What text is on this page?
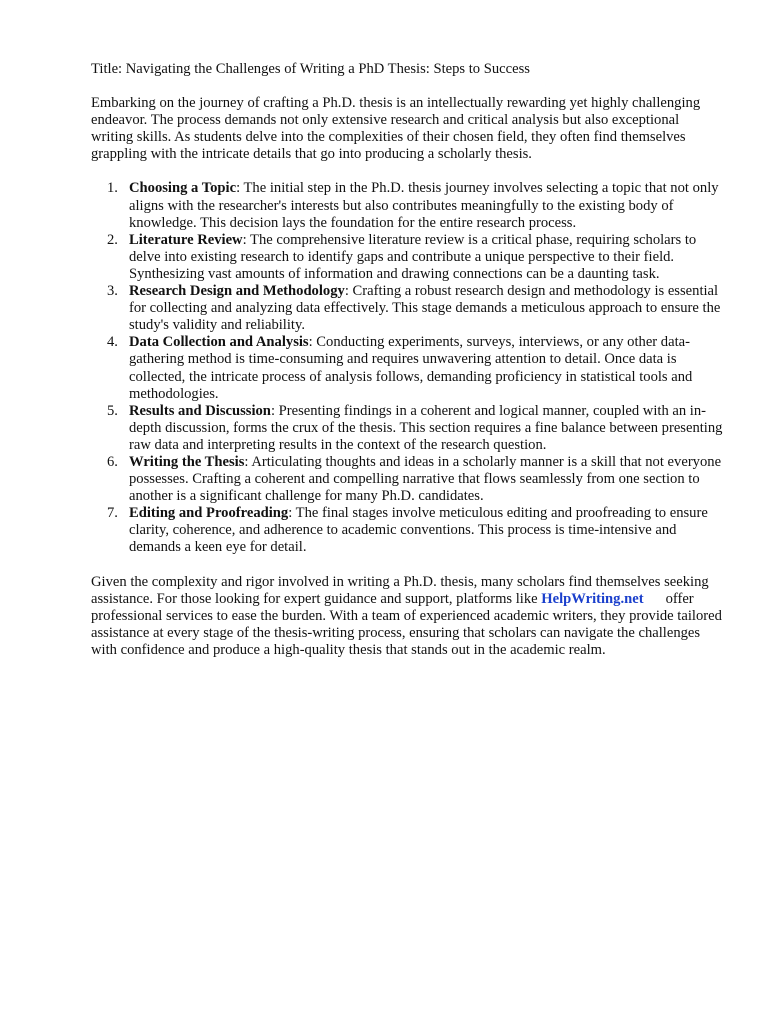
Title: Navigating the Challenges of Writing a PhD Thesis: Steps to Success

Embarking on the journey of crafting a Ph.D. thesis is an intellectually rewarding yet highly challenging endeavor. The process demands not only extensive research and critical analysis but also exceptional writing skills. As students delve into the complexities of their chosen field, they often find themselves grappling with the intricate details that go into producing a scholarly thesis.

1. Choosing a Topic: The initial step in the Ph.D. thesis journey involves selecting a topic that not only aligns with the researcher's interests but also contributes meaningfully to the existing body of knowledge. This decision lays the foundation for the entire research process.
2. Literature Review: The comprehensive literature review is a critical phase, requiring scholars to delve into existing research to identify gaps and contribute a unique perspective to their field. Synthesizing vast amounts of information and drawing connections can be a daunting task.
3. Research Design and Methodology: Crafting a robust research design and methodology is essential for collecting and analyzing data effectively. This stage demands a meticulous approach to ensure the study's validity and reliability.
4. Data Collection and Analysis: Conducting experiments, surveys, interviews, or any other data-gathering method is time-consuming and requires unwavering attention to detail. Once data is collected, the intricate process of analysis follows, demanding proficiency in statistical tools and methodologies.
5. Results and Discussion: Presenting findings in a coherent and logical manner, coupled with an in-depth discussion, forms the crux of the thesis. This section requires a fine balance between presenting raw data and interpreting results in the context of the research question.
6. Writing the Thesis: Articulating thoughts and ideas in a scholarly manner is a skill that not everyone possesses. Crafting a coherent and compelling narrative that flows seamlessly from one section to another is a significant challenge for many Ph.D. candidates.
7. Editing and Proofreading: The final stages involve meticulous editing and proofreading to ensure clarity, coherence, and adherence to academic conventions. This process is time-intensive and demands a keen eye for detail.

Given the complexity and rigor involved in writing a Ph.D. thesis, many scholars find themselves seeking assistance. For those looking for expert guidance and support, platforms like HelpWriting.net offer professional services to ease the burden. With a team of experienced academic writers, they provide tailored assistance at every stage of the thesis-writing process, ensuring that scholars can navigate the challenges with confidence and produce a high-quality thesis that stands out in the academic realm.
